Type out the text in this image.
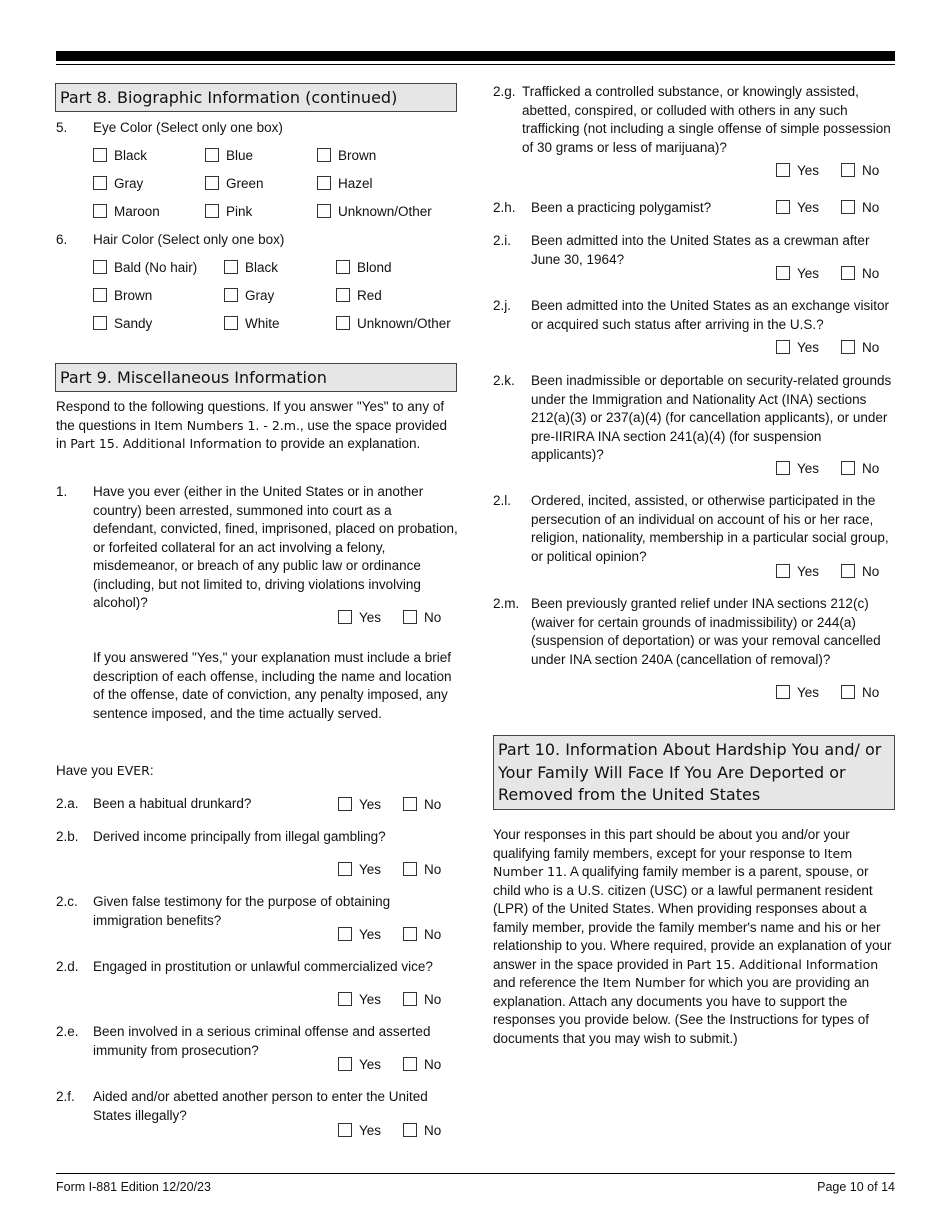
Part 8. Biographic Information (continued)
5. Eye Color (Select only one box)
Black	Blue	Brown
Gray	Green	Hazel
Maroon	Pink	Unknown/Other
6. Hair Color (Select only one box)
Bald (No hair)	Black	Blond
Brown	Gray	Red
Sandy	White	Unknown/Other
Part 9. Miscellaneous Information
Respond to the following questions. If you answer "Yes" to any of the questions in Item Numbers 1. - 2.m., use the space provided in Part 15. Additional Information to provide an explanation.
1. Have you ever (either in the United States or in another country) been arrested, summoned into court as a defendant, convicted, fined, imprisoned, placed on probation, or forfeited collateral for an act involving a felony, misdemeanor, or breach of any public law or ordinance (including, but not limited to, driving violations involving alcohol)?
Yes	No
If you answered "Yes," your explanation must include a brief description of each offense, including the name and location of the offense, date of conviction, any penalty imposed, any sentence imposed, and the time actually served.
Have you EVER:
2.a. Been a habitual drunkard?	Yes	No
2.b. Derived income principally from illegal gambling?
Yes	No
2.c. Given false testimony for the purpose of obtaining immigration benefits?
Yes	No
2.d. Engaged in prostitution or unlawful commercialized vice?
Yes	No
2.e. Been involved in a serious criminal offense and asserted immunity from prosecution?
Yes	No
2.f. Aided and/or abetted another person to enter the United States illegally?
Yes	No
2.g. Trafficked a controlled substance, or knowingly assisted, abetted, conspired, or colluded with others in any such trafficking (not including a single offense of simple possession of 30 grams or less of marijuana)?
Yes	No
2.h. Been a practicing polygamist?	Yes	No
2.i. Been admitted into the United States as a crewman after June 30, 1964?
Yes	No
2.j. Been admitted into the United States as an exchange visitor or acquired such status after arriving in the U.S.?
Yes	No
2.k. Been inadmissible or deportable on security-related grounds under the Immigration and Nationality Act (INA) sections 212(a)(3) or 237(a)(4) (for cancellation applicants), or under pre-IIRIRA INA section 241(a)(4) (for suspension applicants)?
Yes	No
2.l. Ordered, incited, assisted, or otherwise participated in the persecution of an individual on account of his or her race, religion, nationality, membership in a particular social group, or political opinion?
Yes	No
2.m. Been previously granted relief under INA sections 212(c) (waiver for certain grounds of inadmissibility) or 244(a) (suspension of deportation) or was your removal cancelled under INA section 240A (cancellation of removal)?
Yes	No
Part 10. Information About Hardship You and/ or Your Family Will Face If You Are Deported or Removed from the United States
Your responses in this part should be about you and/or your qualifying family members, except for your response to Item Number 11. A qualifying family member is a parent, spouse, or child who is a U.S. citizen (USC) or a lawful permanent resident (LPR) of the United States. When providing responses about a family member, provide the family member's name and his or her relationship to you. Where required, provide an explanation of your answer in the space provided in Part 15. Additional Information and reference the Item Number for which you are providing an explanation. Attach any documents you have to support the responses you provide below. (See the Instructions for types of documents that you may wish to submit.)
Form I-881 Edition 12/20/23	Page 10 of 14
